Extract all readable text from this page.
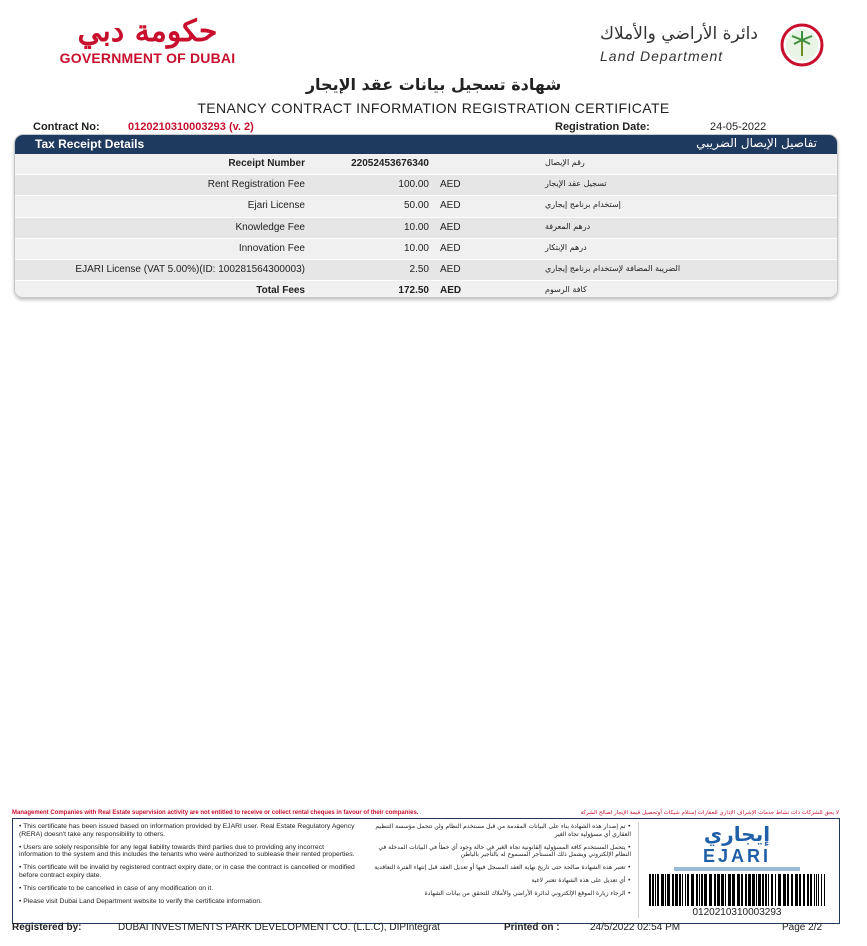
حكومة دبي
GOVERNMENT OF DUBAI
دائرة الأراضي والأملاك
Land Department
شهادة تسجيل بيانات عقد الإيجار
TENANCY CONTRACT INFORMATION REGISTRATION CERTIFICATE
Contract No:	0120210310003293 (v. 2)	Registration Date:	24-05-2022
Tax Receipt Details	تفاصيل الإيصال الضريبي
Receipt Number	22052453676340	رقم الإيصال
Rent Registration Fee	100.00 AED	تسجيل عقد الإيجار
Ejari License	50.00 AED	إستخدام برنامج إيجاري
Knowledge Fee	10.00 AED	درهم المعرفة
Innovation Fee	10.00 AED	درهم الإبتكار
EJARI License (VAT 5.00%)(ID: 100281564300003)	2.50 AED	الضريبة المضافة لإستخدام برنامج إيجاري
Total Fees	172.50 AED	كافة الرسوم
Management Companies with Real Estate supervision activity are not entitled to receive or collect rental cheques in favour of their companies.	لا يحق للشركات ذات نشاط خدمات الإشراف الإداري للعقارات إستلام شيكات أوتحصيل قيمة الإيجار لصالح الشركة
• This certificate has been issued based on information provided by EJARI user. Real Estate Regulatory Agency (RERA) doesn't take any responsibility to others.
• Users are solely responsible for any legal liability towards third parties due to providing any incorrect information to the system and this includes the tenants who were authorized to sublease their rented properties.
• This certificate will be invalid by registered contract expiry date, or in case the contract is cancelled or modified before contract expiry date.
• This certificate to be cancelled in case of any modification on it.
• Please visit Dubai Land Department website to verify the certificate information.
• تم إصدار هذه الشهادة بناء على البيانات المقدمة من قبل مستخدم النظام ولن تتحمل مؤسسة التنظيم العقاري أي مسؤولية تجاه الغير
• يتحمل المستخدم كافة المسؤولية القانونية تجاه الغير في حالة وجود أي خطأ في البيانات المدخلة في النظام الإلكتروني ويشمل ذلك المستأجر المسموح له بالتأجير بالباطن
• تعتبر هذه الشهادة صالحة حتى تاريخ نهاية العقد المسجل فيها أو تعديل العقد قبل إنتهاء الفترة التعاقدية
• أي تعديل على هذه الشهادة تعتبر لاغية
• الرجاء زيارة الموقع الإلكتروني لدائرة الأراضي والأملاك للتحقق من بيانات الشهادة
إيجاري
EJARI
0120210310003293
Registered by:	DUBAI INVESTMENTS PARK DEVELOPMENT CO. (L.L.C), DIPIntegrat	Printed on :	24/5/2022 02:54 PM	Page 2/2
